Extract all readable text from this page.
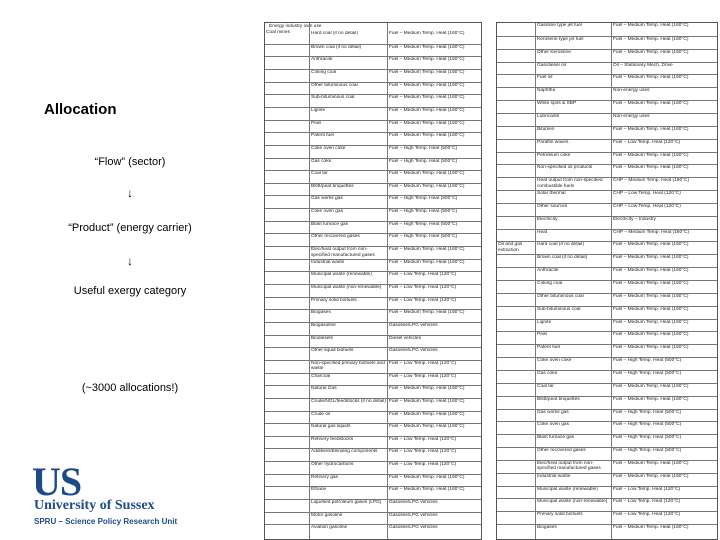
Allocation
“Flow” (sector)
↓
“Product” (energy carrier)
↓
Useful exergy category
(~3000 allocations!)
US
University of Sussex
SPRU – Science Policy Research Unit
Energy industry own use
Coal mines	Hard coal (if no detail)	Fuel – Medium Temp. Heat (160°C)
Brown coal (if no detail)	Fuel – Medium Temp. Heat (160°C)
Anthracite	Fuel – Medium Temp. Heat (160°C)
Coking coal	Fuel – Medium Temp. Heat (160°C)
Other bituminous coal	Fuel – Medium Temp. Heat (160°C)
Sub-bituminous coal	Fuel – Medium Temp. Heat (160°C)
Lignite	Fuel – Medium Temp. Heat (160°C)
Peat	Fuel – Medium Temp. Heat (160°C)
Patent fuel	Fuel – Medium Temp. Heat (160°C)
Coke oven coke	Fuel – High Temp. Heat (500°C)
Gas coke	Fuel – High Temp. Heat (500°C)
Coal tar	Fuel – Medium Temp. Heat (160°C)
BKB/peat briquettes	Fuel – Medium Temp. Heat (160°C)
Gas works gas	Fuel – High Temp. Heat (500°C)
Coke oven gas	Fuel – High Temp. Heat (500°C)
Blast furnace gas	Fuel – High Temp. Heat (500°C)
Other recovered gases	Fuel – High Temp. Heat (500°C)
Elec/heat output from non-specified manufactured gases
Fuel – Medium Temp. Heat (160°C)
Industrial waste	Fuel – Medium Temp. Heat (160°C)
Municipal waste (renewable)	Fuel – Low Temp. Heat (120°C)
Municipal waste (non-renewable)	Fuel – Low Temp. Heat (120°C)
Primary solid biofuels	Fuel – Low Temp. Heat (120°C)
Biogases	Fuel – Medium Temp. Heat (160°C)
Biogasoline	Gasoline/LPG vehicles
Biodiesels	Diesel vehicles
Other liquid biofuels	Gasoline/LPG vehicles
Non-specified primary biofuels and waste
Fuel – Low Temp. Heat (120°C)
Charcoal	Fuel – Low Temp. Heat (120°C)
Natural Gas	Fuel – Medium Temp. Heat (160°C)
Crude/NGL/feedstocks (if no detail) Fuel – Medium Temp. Heat (160°C)
Crude oil	Fuel – Medium Temp. Heat (160°C)
Natural gas liquids	Fuel – Medium Temp. Heat (160°C)
Refinery feedstocks	Fuel – Low Temp. Heat (120°C)
Additives/blending components	Fuel – Low Temp. Heat (120°C)
Other hydrocarbons	Fuel – Low Temp. Heat (120°C)
Refinery gas	Fuel – Medium Temp. Heat (160°C)
Ethane	Fuel – Medium Temp. Heat (160°C)
Liquefied petroleum gases (LPG)	Gasoline/LPG vehicles
Motor gasoline	Gasoline/LPG vehicles
Aviation gasoline	Gasoline/LPG vehicles
Gasoline type jet fuel	Fuel – Medium Temp. Heat (160°C)
Kerosene type jet fuel	Fuel – Medium Temp. Heat (160°C)
Other Kerosene	Fuel – Medium Temp. Heat (160°C)
Gas/diesel oil	Oil – Stationary Mech. Drive
Fuel oil	Fuel – Medium Temp. Heat (160°C)
Naphtha	Non-energy uses
White spirit & SBP	Fuel – Medium Temp. Heat (160°C)
Lubricants	Non-energy uses
Bitumen	Fuel – Medium Temp. Heat (160°C)
Paraffin waxes	Fuel – Low Temp. Heat (120°C)
Petroleum coke	Fuel – Medium Temp. Heat (160°C)
Non-specified oil products	Fuel – Medium Temp. Heat (160°C)
Heat output from non-specified combustible fuels
CHP – Medium Temp. Heat (160°C)
Solar thermal	CHP – Low Temp. Heat (120°C)
Other sources	CHP – Low Temp. Heat (120°C)
Electricity	Electricity – Industry
Heat	CHP – Medium Temp. Heat (160°C)
Oil and gas extraction
Hard coal (if no detail)	Fuel – Medium Temp. Heat (160°C)
Brown coal (if no detail)	Fuel – Medium Temp. Heat (160°C)
Anthracite	Fuel – Medium Temp. Heat (160°C)
Coking coal	Fuel – Medium Temp. Heat (160°C)
Other bituminous coal	Fuel – Medium Temp. Heat (160°C)
Sub-bituminous coal	Fuel – Medium Temp. Heat (160°C)
Lignite	Fuel – Medium Temp. Heat (160°C)
Peat	Fuel – Medium Temp. Heat (160°C)
Patent fuel	Fuel – Medium Temp. Heat (160°C)
Coke oven coke	Fuel – High Temp. Heat (500°C)
Gas coke	Fuel – High Temp. Heat (500°C)
Coal tar	Fuel – Medium Temp. Heat (160°C)
BKB/peat briquettes	Fuel – Medium Temp. Heat (160°C)
Gas works gas	Fuel – High Temp. Heat (500°C)
Coke oven gas	Fuel – High Temp. Heat (500°C)
Blast furnace gas	Fuel – High Temp. Heat (500°C)
Other recovered gases	Fuel – High Temp. Heat (500°C)
Elec/heat output from non-specified manufactured gases
Fuel – Medium Temp. Heat (160°C)
Industrial waste	Fuel – Medium Temp. Heat (160°C)
Municipal waste (renewable)	Fuel – Low Temp. Heat (120°C)
Municipal waste (non-renewable)	Fuel – Low Temp. Heat (120°C)
Primary solid biofuels	Fuel – Low Temp. Heat (120°C)
Biogases	Fuel – Medium Temp. Heat (160°C)
